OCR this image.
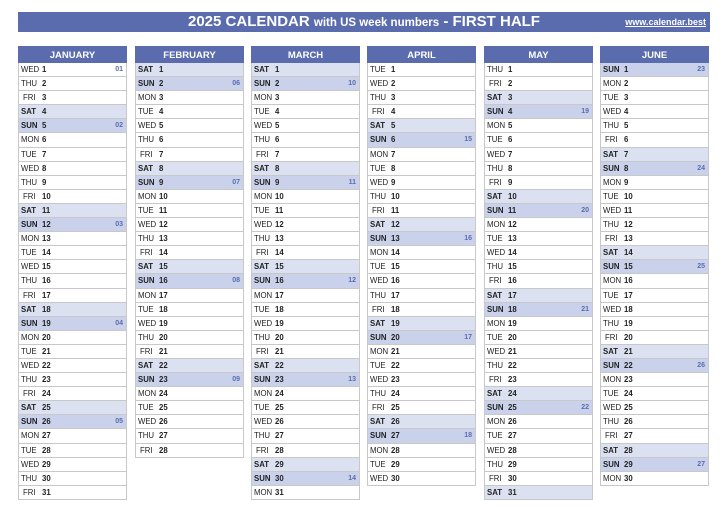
2025 CALENDAR with US week numbers - FIRST HALF	www.calendar.best
JANUARY
WED 1	01
THU 2
FRI 3
SAT 4
SUN 5	02
MON 6
TUE 7
WED 8
THU 9
FRI 10
SAT 11
SUN 12	03
MON 13
TUE 14
WED 15
THU 16
FRI 17
SAT 18
SUN 19	04
MON 20
TUE 21
WED 22
THU 23
FRI 24
SAT 25
SUN 26	05
MON 27
TUE 28
WED 29
THU 30
FRI 31
FEBRUARY
SAT 1
SUN 2	06
MON 3
TUE 4
WED 5
THU 6
FRI 7
SAT 8
SUN 9	07
MON 10
TUE 11
WED 12
THU 13
FRI 14
SAT 15
SUN 16	08
MON 17
TUE 18
WED 19
THU 20
FRI 21
SAT 22
SUN 23	09
MON 24
TUE 25
WED 26
THU 27
FRI 28
MARCH
SAT 1
SUN 2	10
MON 3
TUE 4
WED 5
THU 6
FRI 7
SAT 8
SUN 9	11
MON 10
TUE 11
WED 12
THU 13
FRI 14
SAT 15
SUN 16	12
MON 17
TUE 18
WED 19
THU 20
FRI 21
SAT 22
SUN 23	13
MON 24
TUE 25
WED 26
THU 27
FRI 28
SAT 29
SUN 30	14
MON 31
APRIL
TUE 1
WED 2
THU 3
FRI 4
SAT 5
SUN 6	15
MON 7
TUE 8
WED 9
THU 10
FRI 11
SAT 12
SUN 13	16
MON 14
TUE 15
WED 16
THU 17
FRI 18
SAT 19
SUN 20	17
MON 21
TUE 22
WED 23
THU 24
FRI 25
SAT 26
SUN 27	18
MON 28
TUE 29
WED 30
MAY
THU 1
FRI 2
SAT 3
SUN 4	19
MON 5
TUE 6
WED 7
THU 8
FRI 9
SAT 10
SUN 11	20
MON 12
TUE 13
WED 14
THU 15
FRI 16
SAT 17
SUN 18	21
MON 19
TUE 20
WED 21
THU 22
FRI 23
SAT 24
SUN 25	22
MON 26
TUE 27
WED 28
THU 29
FRI 30
SAT 31
JUNE
SUN 1	23
MON 2
TUE 3
WED 4
THU 5
FRI 6
SAT 7
SUN 8	24
MON 9
TUE 10
WED 11
THU 12
FRI 13
SAT 14
SUN 15	25
MON 16
TUE 17
WED 18
THU 19
FRI 20
SAT 21
SUN 22	26
MON 23
TUE 24
WED 25
THU 26
FRI 27
SAT 28
SUN 29	27
MON 30
